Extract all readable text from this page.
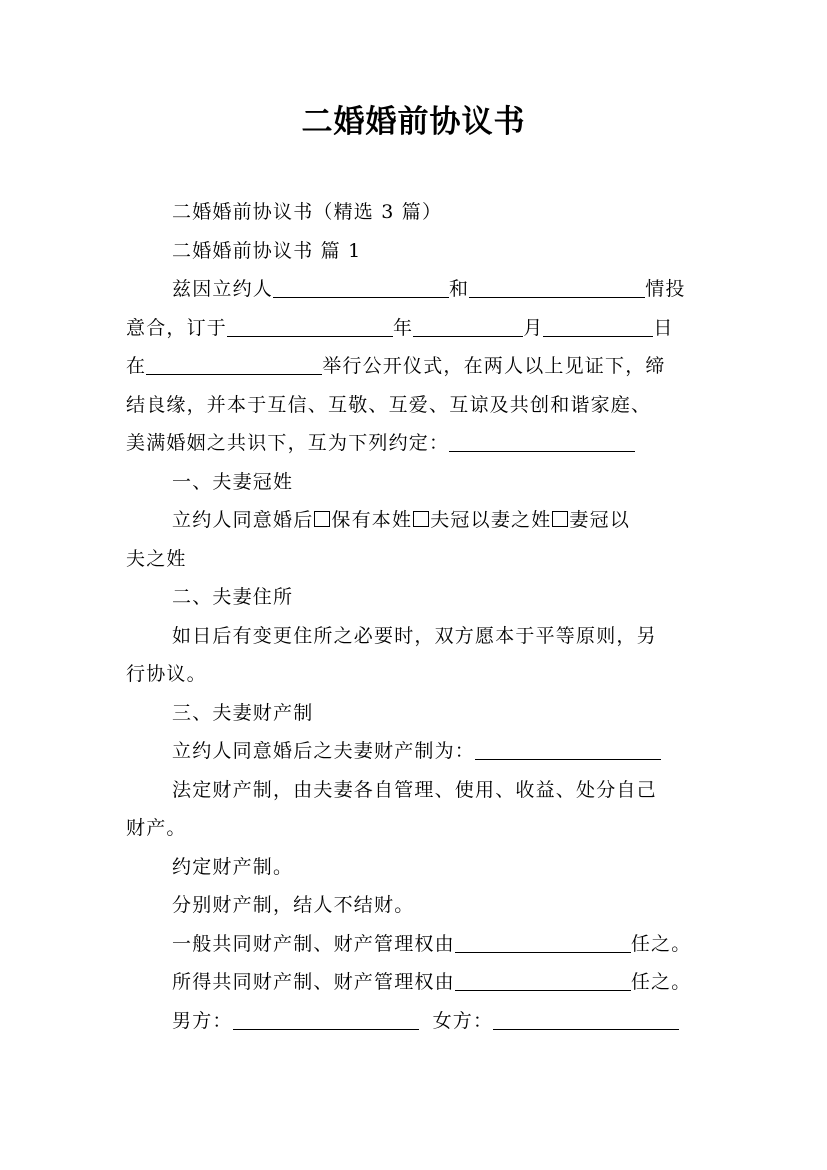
二婚婚前协议书
二婚婚前协议书（精选 3 篇）
二婚婚前协议书 篇 1
兹因立约人	和	情投
意合，订于	年	月	日
在	举行公开仪式，在两人以上见证下，缔
结良缘，并本于互信、互敬、互爱、互谅及共创和谐家庭、
美满婚姻之共识下，互为下列约定：
一、夫妻冠姓
立约人同意婚后 保有本姓 夫冠以妻之姓 妻冠以
夫之姓
二、夫妻住所
如日后有变更住所之必要时，双方愿本于平等原则，另
行协议。
三、夫妻财产制
立约人同意婚后之夫妻财产制为：
法定财产制，由夫妻各自管理、使用、收益、处分自己
财产。
约定财产制。
分别财产制，结人不结财。
一般共同财产制、财产管理权由	任之。
所得共同财产制、财产管理权由	任之。
男方：	女方：
